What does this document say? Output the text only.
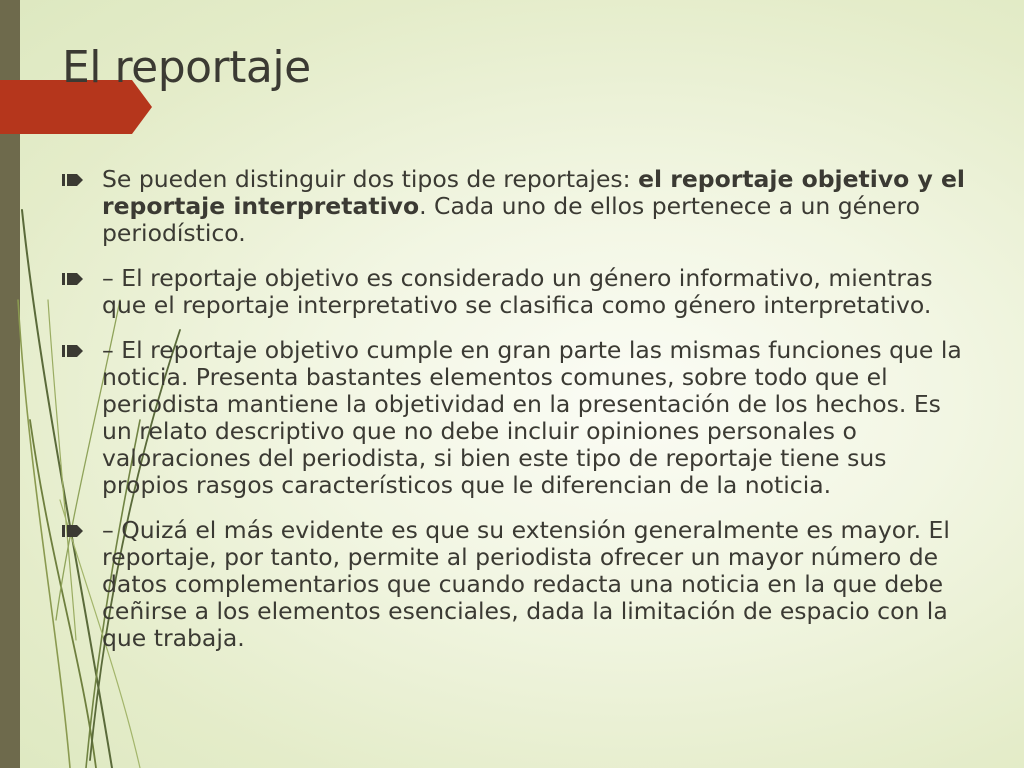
El reportaje
Se pueden distinguir dos tipos de reportajes: el reportaje objetivo y el reportaje interpretativo. Cada uno de ellos pertenece a un género periodístico.
– El reportaje objetivo es considerado un género informativo, mientras que el reportaje interpretativo se clasifica como género interpretativo.
– El reportaje objetivo cumple en gran parte las mismas funciones que la noticia. Presenta bastantes elementos comunes, sobre todo que el periodista mantiene la objetividad en la presentación de los hechos. Es un relato descriptivo que no debe incluir opiniones personales o valoraciones del periodista, si bien este tipo de reportaje tiene sus propios rasgos característicos que le diferencian de la noticia.
– Quizá el más evidente es que su extensión generalmente es mayor. El reportaje, por tanto, permite al periodista ofrecer un mayor número de datos complementarios que cuando redacta una noticia en la que debe ceñirse a los elementos esenciales, dada la limitación de espacio con la que trabaja.
